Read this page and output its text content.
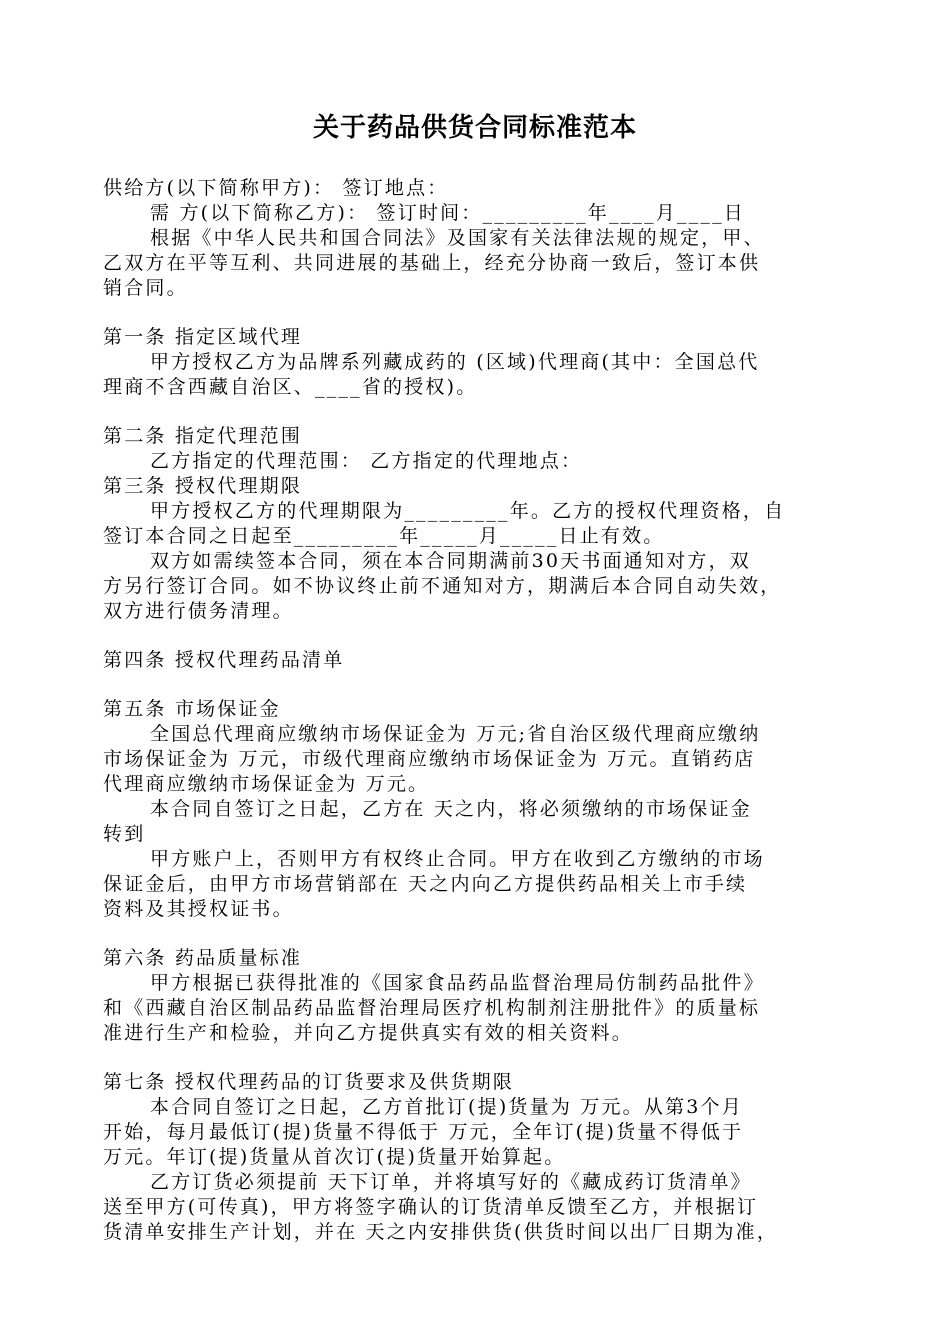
关于药品供货合同标准范本
供给方(以下简称甲方)： 签订地点：
需 方(以下简称乙方)： 签订时间：_________年____月____日
根据《中华人民共和国合同法》及国家有关法律法规的规定，甲、
乙双方在平等互利、共同进展的基础上，经充分协商一致后，签订本供
销合同。
第一条 指定区域代理
甲方授权乙方为品牌系列藏成药的 (区域)代理商(其中：全国总代
理商不含西藏自治区、____省的授权)。
第二条 指定代理范围
乙方指定的代理范围： 乙方指定的代理地点：
第三条 授权代理期限
甲方授权乙方的代理期限为_________年。乙方的授权代理资格，自
签订本合同之日起至_________年_____月_____日止有效。
双方如需续签本合同，须在本合同期满前30天书面通知对方，双
方另行签订合同。如不协议终止前不通知对方，期满后本合同自动失效，
双方进行债务清理。
第四条 授权代理药品清单
第五条 市场保证金
全国总代理商应缴纳市场保证金为 万元;省自治区级代理商应缴纳
市场保证金为 万元，市级代理商应缴纳市场保证金为 万元。直销药店
代理商应缴纳市场保证金为 万元。
本合同自签订之日起，乙方在 天之内，将必须缴纳的市场保证金
转到
甲方账户上，否则甲方有权终止合同。甲方在收到乙方缴纳的市场
保证金后，由甲方市场营销部在 天之内向乙方提供药品相关上市手续
资料及其授权证书。
第六条 药品质量标准
甲方根据已获得批准的《国家食品药品监督治理局仿制药品批件》
和《西藏自治区制品药品监督治理局医疗机构制剂注册批件》的质量标
准进行生产和检验，并向乙方提供真实有效的相关资料。
第七条 授权代理药品的订货要求及供货期限
本合同自签订之日起，乙方首批订(提)货量为 万元。从第3个月
开始，每月最低订(提)货量不得低于 万元，全年订(提)货量不得低于
万元。年订(提)货量从首次订(提)货量开始算起。
乙方订货必须提前 天下订单，并将填写好的《藏成药订货清单》
送至甲方(可传真)，甲方将签字确认的订货清单反馈至乙方，并根据订
货清单安排生产计划，并在 天之内安排供货(供货时间以出厂日期为准，
